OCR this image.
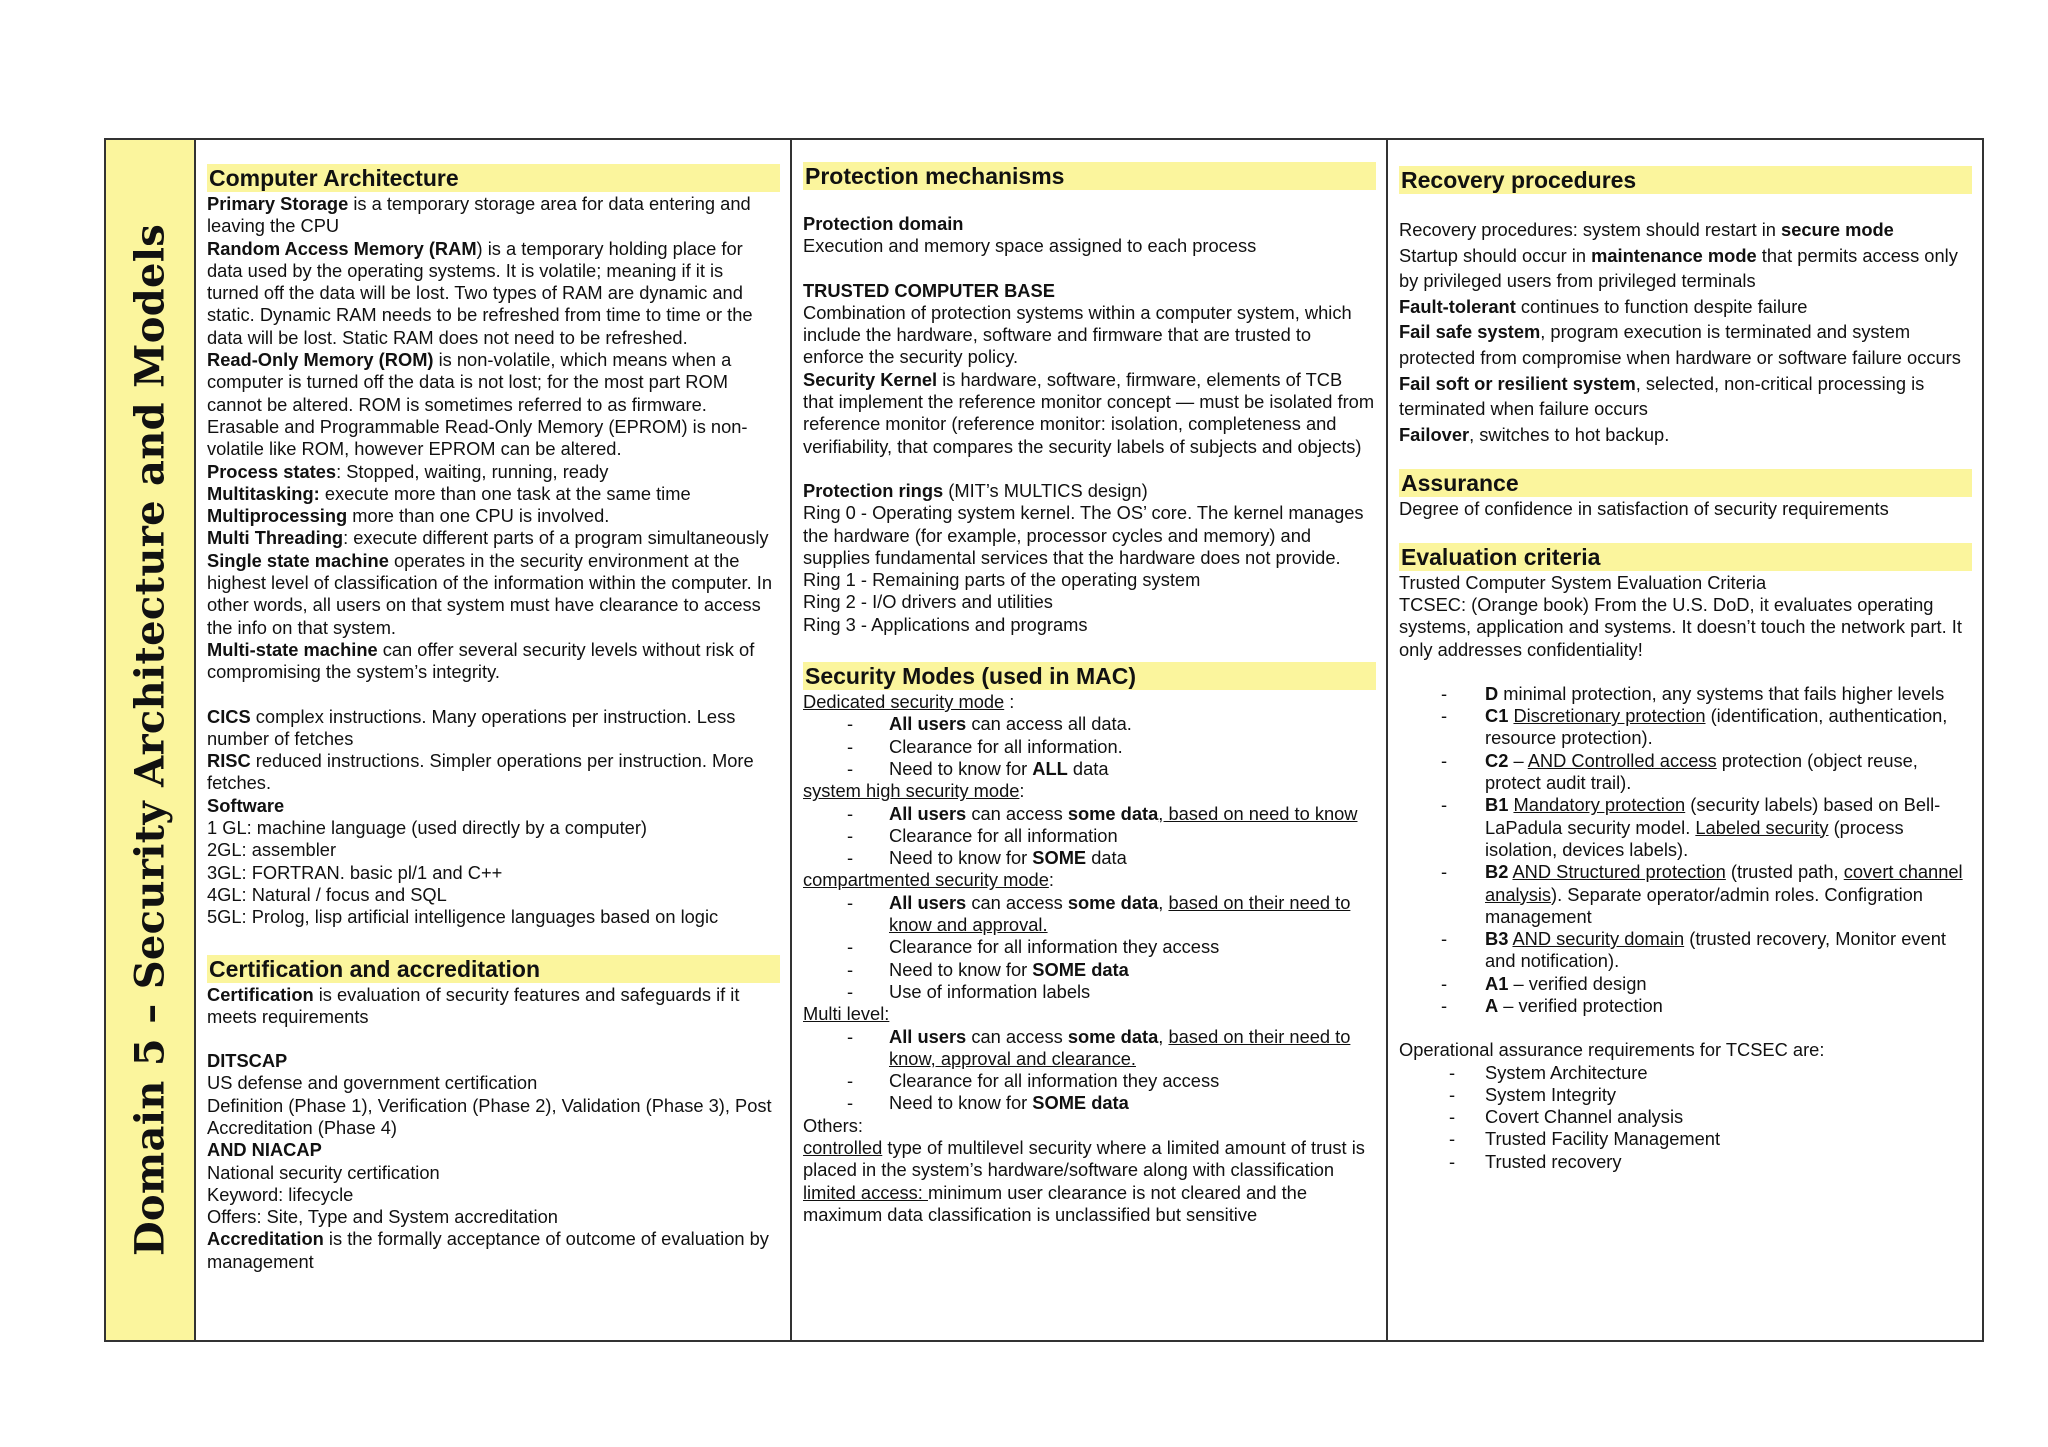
Domain 5 – Security Architecture and Models
Computer Architecture

Primary Storage is a temporary storage area for data entering and leaving the CPU

Random Access Memory (RAM) is a temporary holding place for data used by the operating systems. It is volatile; meaning if it is turned off the data will be lost. Two types of RAM are dynamic and static. Dynamic RAM needs to be refreshed from time to time or the data will be lost. Static RAM does not need to be refreshed.

Read-Only Memory (ROM) is non-volatile, which means when a computer is turned off the data is not lost; for the most part ROM cannot be altered. ROM is sometimes referred to as firmware. Erasable and Programmable Read-Only Memory (EPROM) is non-volatile like ROM, however EPROM can be altered.

Process states: Stopped, waiting, running, ready

Multitasking: execute more than one task at the same time

Multiprocessing more than one CPU is involved.

Multi Threading: execute different parts of a program simultaneously

Single state machine operates in the security environment at the highest level of classification of the information within the computer. In other words, all users on that system must have clearance to access the info on that system.

Multi-state machine can offer several security levels without risk of compromising the system’s integrity.

CICS complex instructions. Many operations per instruction. Less number of fetches

RISC reduced instructions. Simpler operations per instruction. More fetches.

Software

1 GL: machine language (used directly by a computer)

2GL: assembler

3GL: FORTRAN. basic pl/1 and C++

4GL: Natural / focus and SQL

5GL: Prolog, lisp artificial intelligence languages based on logic

Certification and accreditation

Certification is evaluation of security features and safeguards if it meets requirements

DITSCAP

US defense and government certification

Definition (Phase 1), Verification (Phase 2), Validation (Phase 3), Post Accreditation (Phase 4)

AND NIACAP

National security certification

Keyword: lifecycle

Offers: Site, Type and System accreditation

Accreditation is the formally acceptance of outcome of evaluation by management

Protection mechanisms

Protection domain

Execution and memory space assigned to each process

TRUSTED COMPUTER BASE

Combination of protection systems within a computer system, which include the hardware, software and firmware that are trusted to enforce the security policy.

Security Kernel is hardware, software, firmware, elements of TCB that implement the reference monitor concept — must be isolated from reference monitor (reference monitor: isolation, completeness and verifiability, that compares the security labels of subjects and objects)

Protection rings (MIT’s MULTICS design)

Ring 0 - Operating system kernel. The OS’ core. The kernel manages the hardware (for example, processor cycles and memory) and supplies fundamental services that the hardware does not provide.

Ring 1 - Remaining parts of the operating system

Ring 2 - I/O drivers and utilities

Ring 3 - Applications and programs

Security Modes (used in MAC)

Dedicated security mode :

- All users can access all data.
- Clearance for all information.
- Need to know for ALL data

system high security mode:

- All users can access some data, based on need to know
- Clearance for all information
- Need to know for SOME data

compartmented security mode:

- All users can access some data, based on their need to know and approval.
- Clearance for all information they access
- Need to know for SOME data
- Use of information labels

Multi level:

- All users can access some data, based on their need to know, approval and clearance.
- Clearance for all information they access
- Need to know for SOME data

Others:

controlled type of multilevel security where a limited amount of trust is placed in the system’s hardware/software along with classification

limited access: minimum user clearance is not cleared and the maximum data classification is unclassified but sensitive

Recovery procedures

Recovery procedures: system should restart in secure mode

Startup should occur in maintenance mode that permits access only by privileged users from privileged terminals

Fault-tolerant continues to function despite failure

Fail safe system, program execution is terminated and system protected from compromise when hardware or software failure occurs

Fail soft or resilient system, selected, non-critical processing is terminated when failure occurs

Failover, switches to hot backup.

Assurance

Degree of confidence in satisfaction of security requirements

Evaluation criteria

Trusted Computer System Evaluation Criteria

TCSEC: (Orange book) From the U.S. DoD, it evaluates operating systems, application and systems. It doesn’t touch the network part. It only addresses confidentiality!

- D minimal protection, any systems that fails higher levels
- C1 Discretionary protection (identification, authentication, resource protection).
- C2 – AND Controlled access protection (object reuse, protect audit trail).
- B1 Mandatory protection (security labels) based on Bell-LaPadula security model. Labeled security (process isolation, devices labels).
- B2 AND Structured protection (trusted path, covert channel analysis). Separate operator/admin roles. Configration management
- B3 AND security domain (trusted recovery, Monitor event and notification).
- A1 – verified design
- A – verified protection

Operational assurance requirements for TCSEC are:

- System Architecture
- System Integrity
- Covert Channel analysis
- Trusted Facility Management
- Trusted recovery
